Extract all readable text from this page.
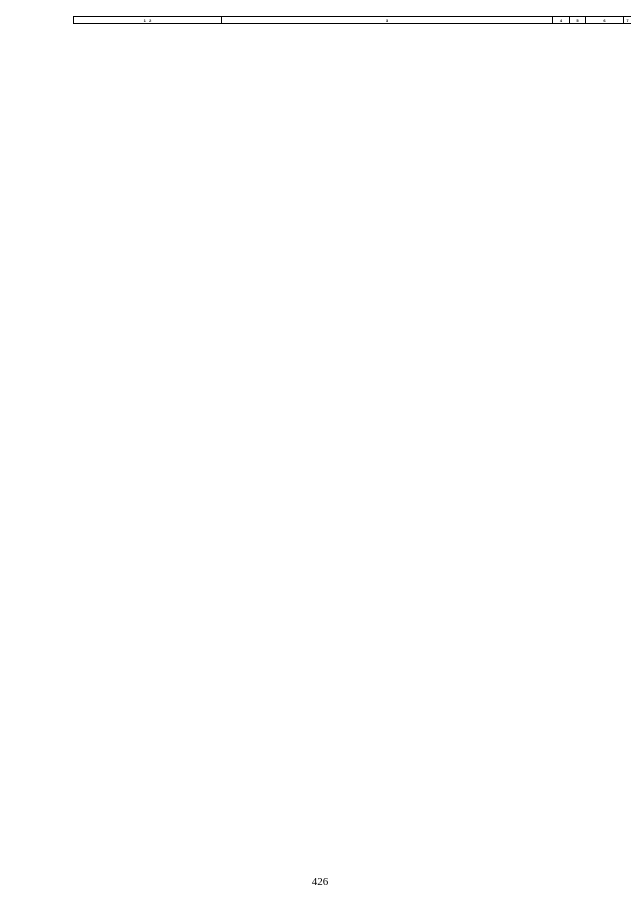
1 2	3	4	5	6	7
426
